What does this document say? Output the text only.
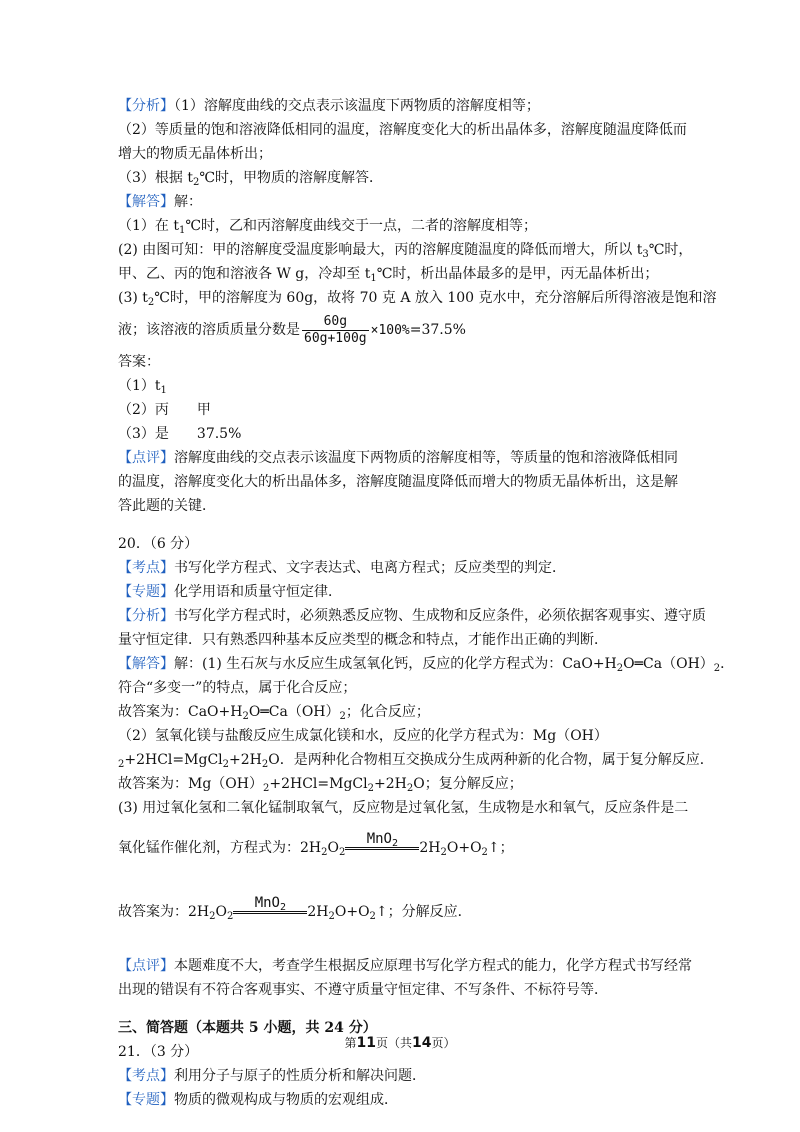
【分析】（1）溶解度曲线的交点表示该温度下两物质的溶解度相等；
（2）等质量的饱和溶液降低相同的温度，溶解度变化大的析出晶体多，溶解度随温度降低而
增大的物质无晶体析出；
（3）根据 $t_2℃$时，甲物质的溶解度解答．
【解答】解：
（1）在 $t_1℃$时，乙和丙溶解度曲线交于一点，二者的溶解度相等；
(2) 由图可知：甲的溶解度受温度影响最大，丙的溶解度随温度的降低而增大，所以 $t_3℃$时，
甲、乙、丙的饱和溶液各 W g，冷却至 $t_1℃$时，析出晶体最多的是甲，丙无晶体析出；
(3) $t_2℃$时，甲的溶解度为 60g，故将 70 克 A 放入 100 克水中，充分溶解后所得溶液是饱和溶
液；该溶液的溶质质量分数是 $\frac{60g}{60g+100g} \times 100\%=37.5\%$
答案：
$(1)t_1$
（2）丙　　甲
（3）是　　37.5%
【点评】溶解度曲线的交点表示该温度下两物质的溶解度相等，等质量的饱和溶液降低相同
的温度，溶解度变化大的析出晶体多，溶解度随温度降低而增大的物质无晶体析出，这是解
答此题的关键．
20．（6 分）
【考点】书写化学方程式、文字表达式、电离方程式；反应类型的判定．
【专题】化学用语和质量守恒定律．
【分析】书写化学方程式时，必须熟悉反应物、生成物和反应条件，必须依据客观事实、遵守质
量守恒定律．只有熟悉四种基本反应类型的概念和特点，才能作出正确的判断．
【解答】解：(1) 生石灰与水反应生成氢氧化钙，反应的化学方程式为：$CaO+H_2O═Ca(OH)_2$．
符合“多变一”的特点，属于化合反应；
故答案为：$CaO+H_2O═Ca(OH)_2$；化合反应；
（2）氢氧化镁与盐酸反应生成氯化镁和水，反应的化学方程式为：Mg（OH）
$_2+2HCl=MgCl_2+2H_2O$．是两种化合物相互交换成分生成两种新的化合物，属于复分解反应．
故答案为：$Mg(OH)_2+2HCl=MgCl_2+2H_2O$；复分解反应；
(3) 用过氧化氢和二氧化锰制取氧气，反应物是过氧化氢，生成物是水和氧气，反应条件是二
氧化锰作催化剂，方程式为：$2H_2O_2$
MnO$_2$	$2H_2O+O_2↑$；
故答案为：$2H_2O_2$
MnO$_2$	$2H_2O+O_2↑$；分解反应．
【点评】本题难度不大，考查学生根据反应原理书写化学方程式的能力，化学方程式书写经常
出现的错误有不符合客观事实、不遵守质量守恒定律、不写条件、不标符号等．
三、简答题（本题共 5 小题，共 24 分）
21．（3 分）
【考点】利用分子与原子的性质分析和解决问题．
【专题】物质的微观构成与物质的宏观组成．
第11页（共14页）
